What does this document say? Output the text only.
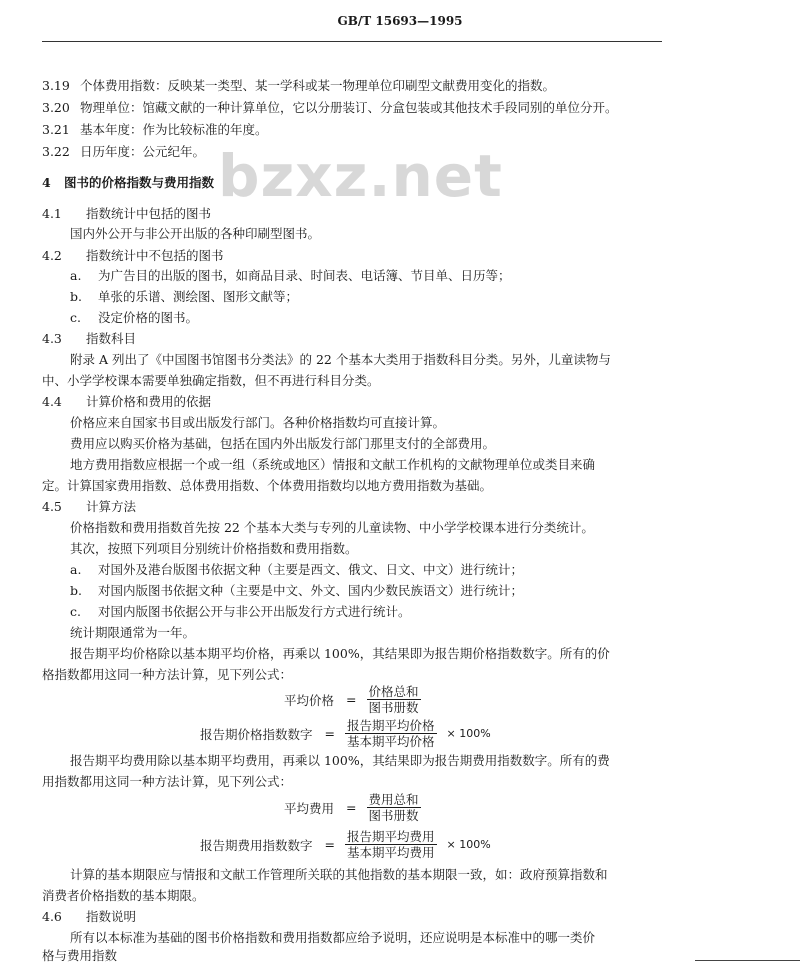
GB/T 15693—1995
bzxz.net
3.19 个体费用指数：反映某一类型、某一学科或某一物理单位印刷型文献费用变化的指数。
3.20 物理单位：馆藏文献的一种计算单位，它以分册装订、分盒包装或其他技术手段同别的单位分开。
3.21 基本年度：作为比较标准的年度。
3.22 日历年度：公元纪年。
4 图书的价格指数与费用指数
4.1 指数统计中包括的图书
国内外公开与非公开出版的各种印刷型图书。
4.2 指数统计中不包括的图书
a. 为广告目的出版的图书，如商品目录、时间表、电话簿、节目单、日历等；
b. 单张的乐谱、测绘图、图形文献等；
c. 没定价格的图书。
4.3 指数科目
附录 A 列出了《中国图书馆图书分类法》的 22 个基本大类用于指数科目分类。另外，儿童读物与
中、小学学校课本需要单独确定指数，但不再进行科目分类。
4.4 计算价格和费用的依据
价格应来自国家书目或出版发行部门。各种价格指数均可直接计算。
费用应以购买价格为基础，包括在国内外出版发行部门那里支付的全部费用。
地方费用指数应根据一个或一组（系统或地区）情报和文献工作机构的文献物理单位或类目来确
定。计算国家费用指数、总体费用指数、个体费用指数均以地方费用指数为基础。
4.5 计算方法
价格指数和费用指数首先按 22 个基本大类与专列的儿童读物、中小学学校课本进行分类统计。
其次，按照下列项目分别统计价格指数和费用指数。
a. 对国外及港台版图书依据文种（主要是西文、俄文、日文、中文）进行统计；
b. 对国内版图书依据文种（主要是中文、外文、国内少数民族语文）进行统计；
c. 对国内版图书依据公开与非公开出版发行方式进行统计。
统计期限通常为一年。
报告期平均价格除以基本期平均价格，再乘以 100%，其结果即为报告期价格指数数字。所有的价
格指数都用这同一种方法计算，见下列公式：
平均价格 = $\frac{\text{价格总和}}{\text{图书册数}}$
报告期价格指数数字 = $\frac{\text{报告期平均价格}}{\text{基本期平均价格}} \times 100\%$
报告期平均费用除以基本期平均费用，再乘以 100%，其结果即为报告期费用指数数字。所有的费
用指数都用这同一种方法计算，见下列公式：
平均费用 = $\frac{\text{费用总和}}{\text{图书册数}}$
报告期费用指数数字 = $\frac{\text{报告期平均费用}}{\text{基本期平均费用}} \times 100\%$
计算的基本期限应与情报和文献工作管理所关联的其他指数的基本期限一致，如：政府预算指数和
消费者价格指数的基本期限。
4.6 指数说明
所有以本标准为基础的图书价格指数和费用指数都应给予说明，还应说明是本标准中的哪一类价
格与费用指数
